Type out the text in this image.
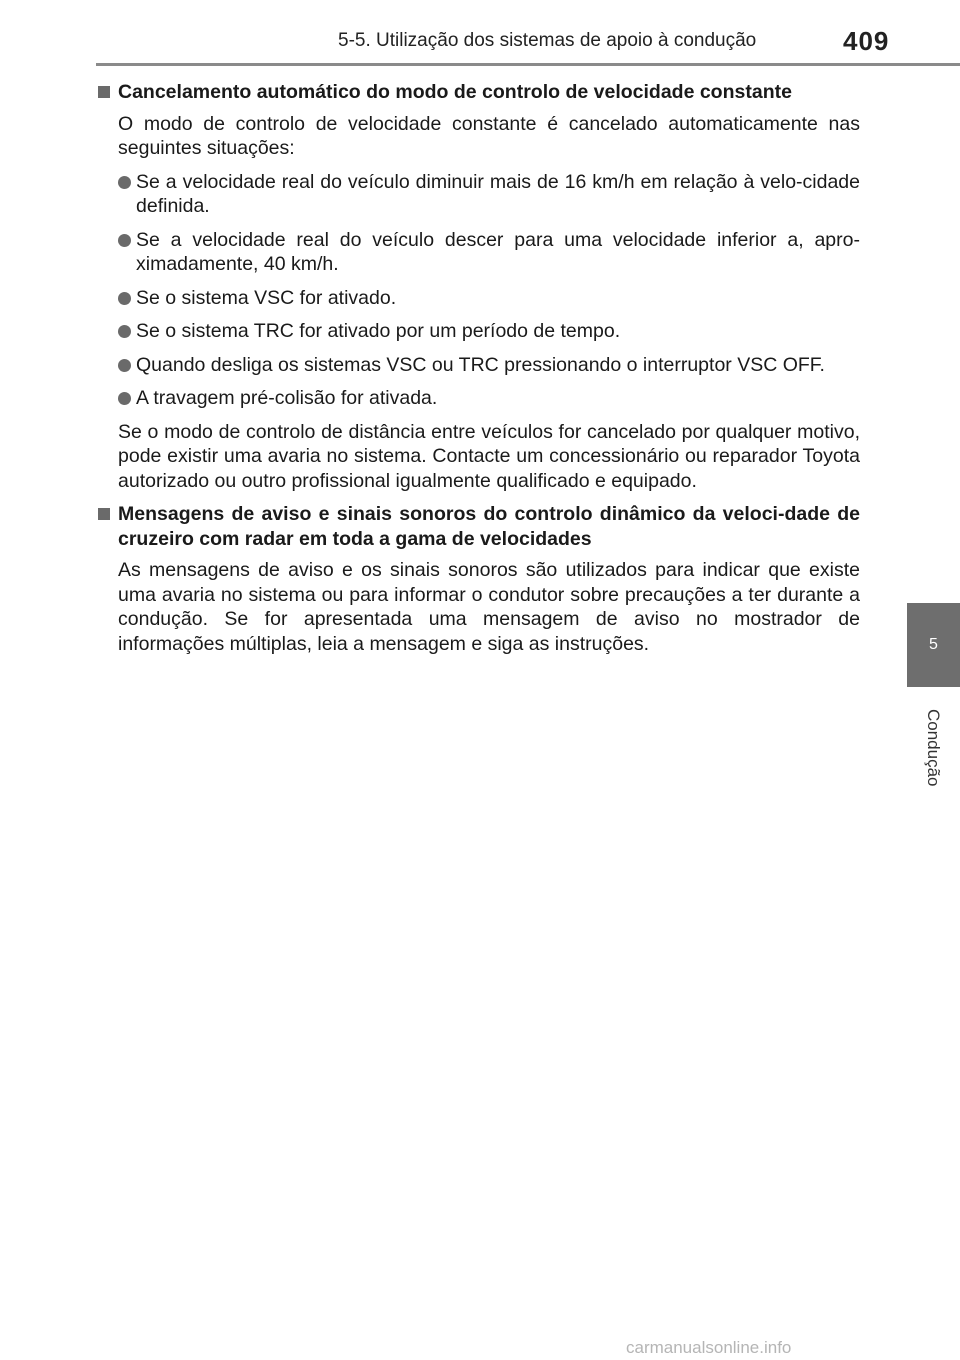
5-5. Utilização dos sistemas de apoio à condução	409
5
Condução
Cancelamento automático do modo de controlo de velocidade constante

O modo de controlo de velocidade constante é cancelado automaticamente nas seguintes situações:

Se a velocidade real do veículo diminuir mais de 16 km/h em relação à velo-cidade definida.
Se a velocidade real do veículo descer para uma velocidade inferior a, apro-ximadamente, 40 km/h.
Se o sistema VSC for ativado.
Se o sistema TRC for ativado por um período de tempo.
Quando desliga os sistemas VSC ou TRC pressionando o interruptor VSC OFF.
A travagem pré-colisão for ativada.

Se o modo de controlo de distância entre veículos for cancelado por qualquer motivo, pode existir uma avaria no sistema. Contacte um concessionário ou reparador Toyota autorizado ou outro profissional igualmente qualificado e equipado.

Mensagens de aviso e sinais sonoros do controlo dinâmico da veloci-dade de cruzeiro com radar em toda a gama de velocidades

As mensagens de aviso e os sinais sonoros são utilizados para indicar que existe uma avaria no sistema ou para informar o condutor sobre precauções a ter durante a condução. Se for apresentada uma mensagem de aviso no mostrador de informações múltiplas, leia a mensagem e siga as instruções.

carmanualsonline.info
